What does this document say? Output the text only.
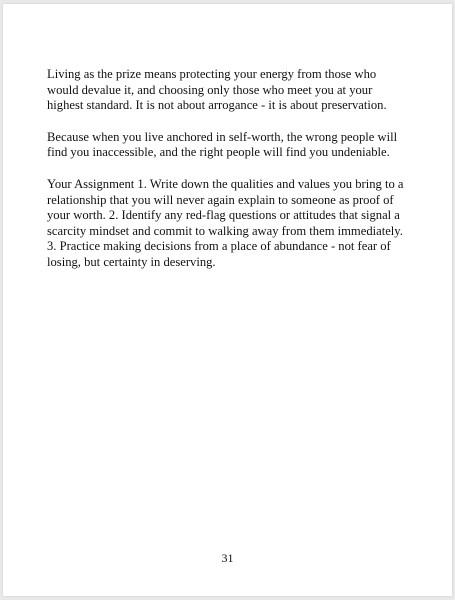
Living as the prize means protecting your energy from those who would devalue it, and choosing only those who meet you at your highest standard. It is not about arrogance - it is about preservation.

Because when you live anchored in self-worth, the wrong people will find you inaccessible, and the right people will find you undeniable.

Your Assignment 1. Write down the qualities and values you bring to a relationship that you will never again explain to someone as proof of your worth. 2. Identify any red-flag questions or attitudes that signal a scarcity mindset and commit to walking away from them immediately. 3. Practice making decisions from a place of abundance - not fear of losing, but certainty in deserving.

31
